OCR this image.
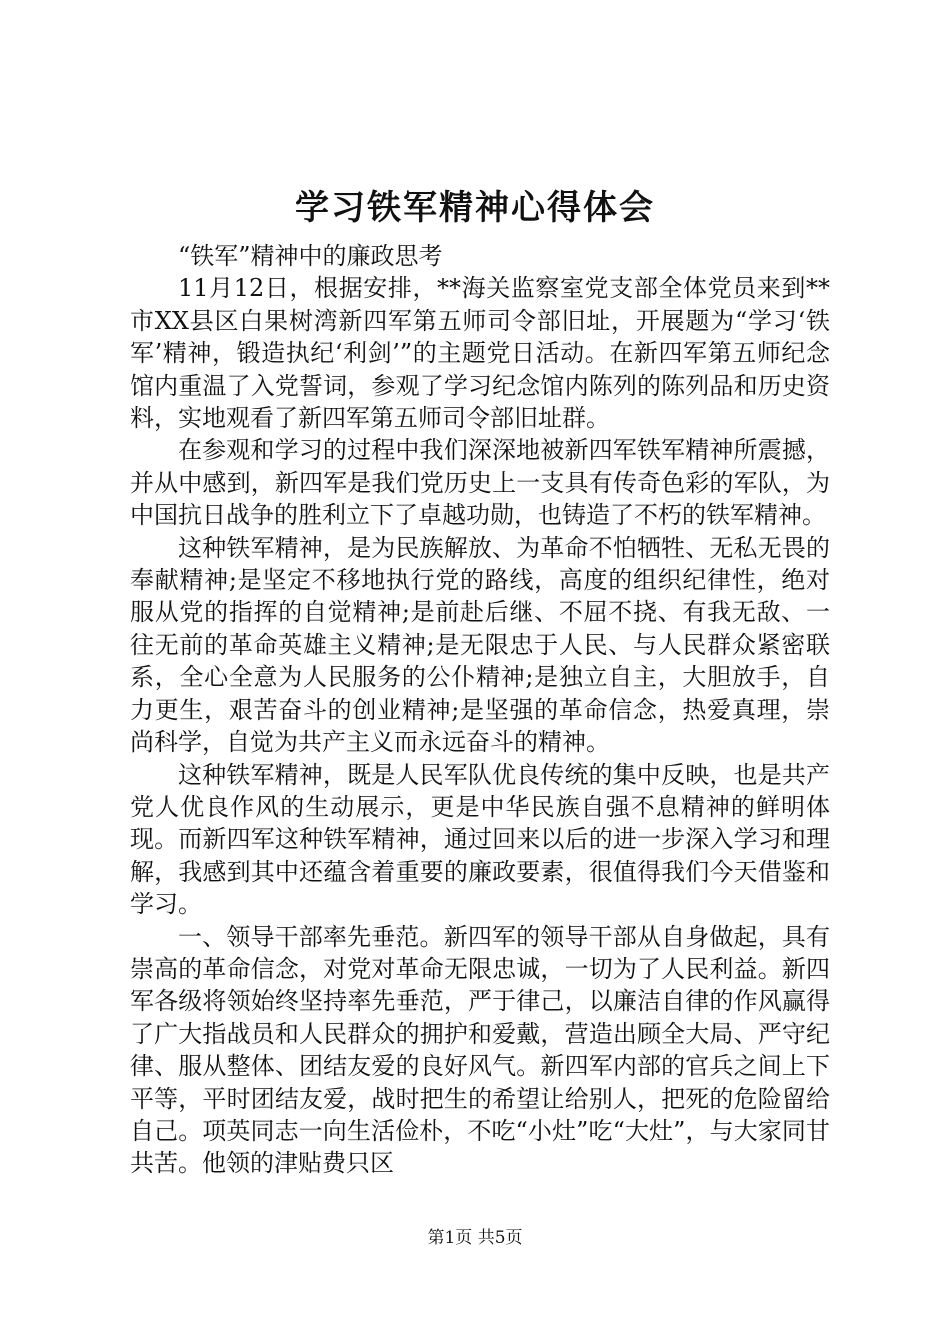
学习铁军精神心得体会

“铁军”精神中的廉政思考

11月12日，根据安排，**海关监察室党支部全体党员来到**市XX县区白果树湾新四军第五师司令部旧址，开展题为“学习‘铁军’精神，锻造执纪‘利剑’”的主题党日活动。在新四军第五师纪念馆内重温了入党誓词，参观了学习纪念馆内陈列的陈列品和历史资料，实地观看了新四军第五师司令部旧址群。

在参观和学习的过程中我们深深地被新四军铁军精神所震撼，并从中感到，新四军是我们党历史上一支具有传奇色彩的军队，为中国抗日战争的胜利立下了卓越功勋，也铸造了不朽的铁军精神。

这种铁军精神，是为民族解放、为革命不怕牺牲、无私无畏的奉献精神;是坚定不移地执行党的路线，高度的组织纪律性，绝对服从党的指挥的自觉精神;是前赴后继、不屈不挠、有我无敌、一往无前的革命英雄主义精神;是无限忠于人民、与人民群众紧密联系，全心全意为人民服务的公仆精神;是独立自主，大胆放手，自力更生，艰苦奋斗的创业精神;是坚强的革命信念，热爱真理，崇尚科学，自觉为共产主义而永远奋斗的精神。

这种铁军精神，既是人民军队优良传统的集中反映，也是共产党人优良作风的生动展示，更是中华民族自强不息精神的鲜明体现。而新四军这种铁军精神，通过回来以后的进一步深入学习和理解，我感到其中还蕴含着重要的廉政要素，很值得我们今天借鉴和学习。

一、领导干部率先垂范。新四军的领导干部从自身做起，具有崇高的革命信念，对党对革命无限忠诚，一切为了人民利益。新四军各级将领始终坚持率先垂范，严于律己，以廉洁自律的作风赢得了广大指战员和人民群众的拥护和爱戴，营造出顾全大局、严守纪律、服从整体、团结友爱的良好风气。新四军内部的官兵之间上下平等，平时团结友爱，战时把生的希望让给别人，把死的危险留给自己。项英同志一向生活俭朴，不吃“小灶”吃“大灶”，与大家同甘共苦。他领的津贴费只区

第1页 共5页
